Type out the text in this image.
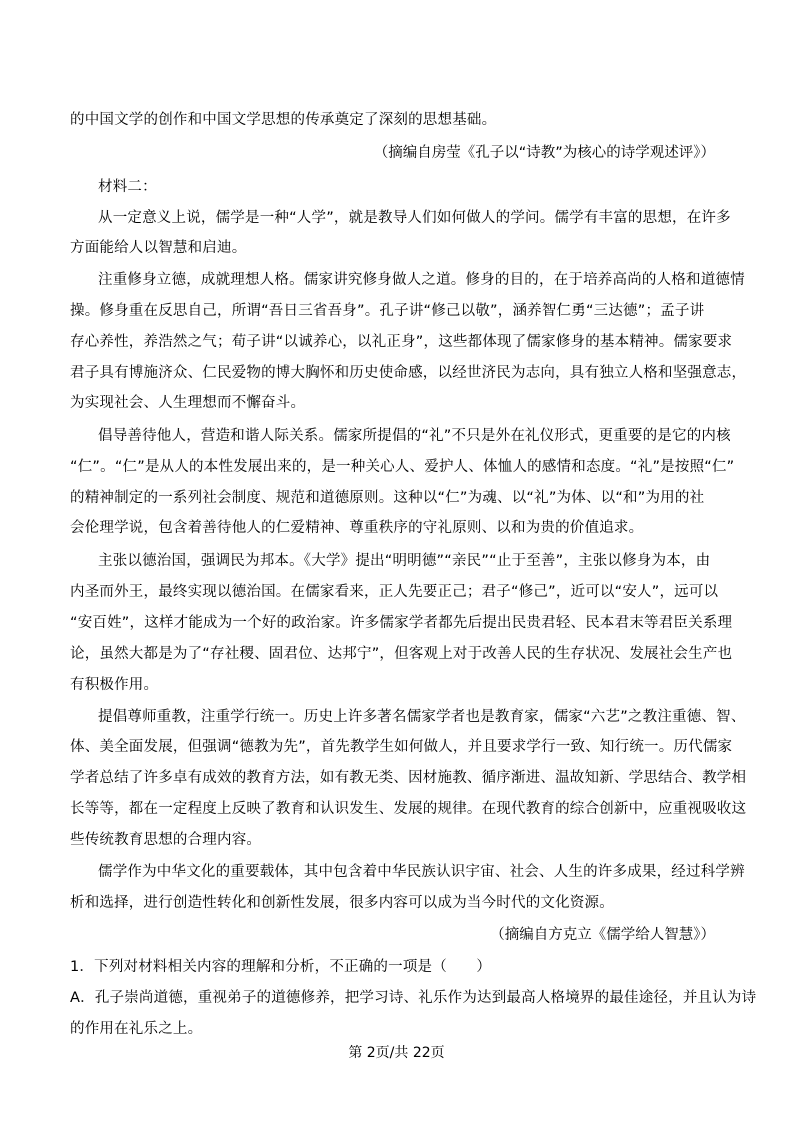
的中国文学的创作和中国文学思想的传承奠定了深刻的思想基础。
（摘编自房莹《孔子以“诗教”为核心的诗学观述评》）
材料二：
从一定意义上说，儒学是一种“人学”，就是教导人们如何做人的学问。儒学有丰富的思想，在许多
方面能给人以智慧和启迪。
注重修身立德，成就理想人格。儒家讲究修身做人之道。修身的目的，在于培养高尚的人格和道德情
操。修身重在反思自己，所谓“吾日三省吾身”。孔子讲“修己以敬”，涵养智仁勇“三达德”；孟子讲
存心养性，养浩然之气；荀子讲“以诚养心，以礼正身”，这些都体现了儒家修身的基本精神。儒家要求
君子具有博施济众、仁民爱物的博大胸怀和历史使命感，以经世济民为志向，具有独立人格和坚强意志，
为实现社会、人生理想而不懈奋斗。
倡导善待他人，营造和谐人际关系。儒家所提倡的“礼”不只是外在礼仪形式，更重要的是它的内核
“仁”。“仁”是从人的本性发展出来的，是一种关心人、爱护人、体恤人的感情和态度。“礼”是按照“仁”
的精神制定的一系列社会制度、规范和道德原则。这种以“仁”为魂、以“礼”为体、以“和”为用的社
会伦理学说，包含着善待他人的仁爱精神、尊重秩序的守礼原则、以和为贵的价值追求。
主张以德治国，强调民为邦本。《大学》提出“明明德”“亲民”“止于至善”，主张以修身为本，由
内圣而外王，最终实现以德治国。在儒家看来，正人先要正己；君子“修己”，近可以“安人”，远可以
“安百姓”，这样才能成为一个好的政治家。许多儒家学者都先后提出民贵君轻、民本君末等君臣关系理
论，虽然大都是为了“存社稷、固君位、达邦宁”，但客观上对于改善人民的生存状况、发展社会生产也
有积极作用。
提倡尊师重教，注重学行统一。历史上许多著名儒家学者也是教育家，儒家“六艺”之教注重德、智、
体、美全面发展，但强调“德教为先”，首先教学生如何做人，并且要求学行一致、知行统一。历代儒家
学者总结了许多卓有成效的教育方法，如有教无类、因材施教、循序渐进、温故知新、学思结合、教学相
长等等，都在一定程度上反映了教育和认识发生、发展的规律。在现代教育的综合创新中，应重视吸收这
些传统教育思想的合理内容。
儒学作为中华文化的重要载体，其中包含着中华民族认识宇宙、社会、人生的许多成果，经过科学辨
析和选择，进行创造性转化和创新性发展，很多内容可以成为当今时代的文化资源。
（摘编自方克立《儒学给人智慧》）
1．下列对材料相关内容的理解和分析，不正确的一项是（　　）
A．孔子崇尚道德，重视弟子的道德修养，把学习诗、礼乐作为达到最高人格境界的最佳途径，并且认为诗
的作用在礼乐之上。
第 2页/共 22页
